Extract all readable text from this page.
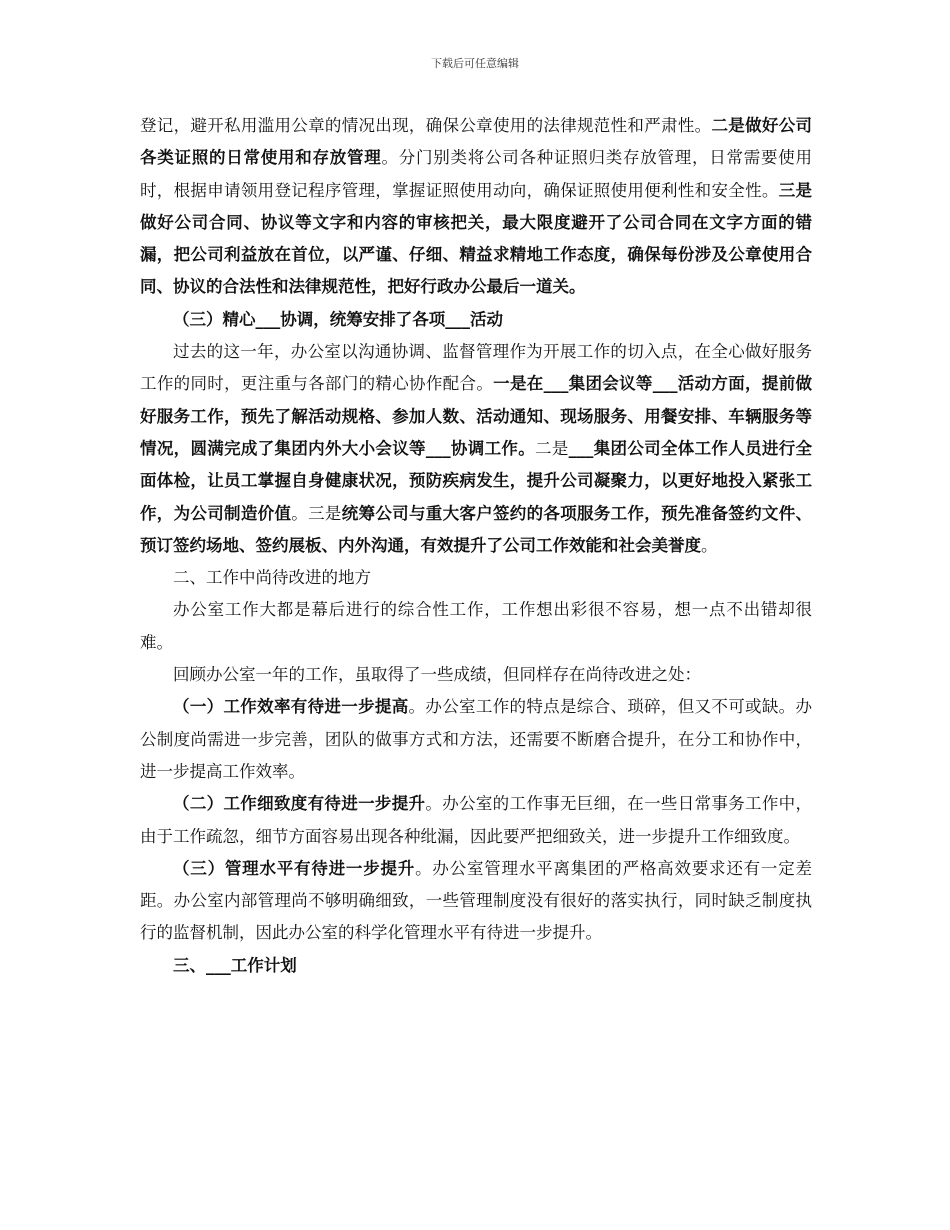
下载后可任意编辑

登记，避开私用滥用公章的情况出现，确保公章使用的法律规范性和严肃性。二是做好公司各类证照的日常使用和存放管理。分门别类将公司各种证照归类存放管理，日常需要使用时，根据申请领用登记程序管理，掌握证照使用动向，确保证照使用便利性和安全性。三是做好公司合同、协议等文字和内容的审核把关，最大限度避开了公司合同在文字方面的错漏，把公司利益放在首位，以严谨、仔细、精益求精地工作态度，确保每份涉及公章使用合同、协议的合法性和法律规范性，把好行政办公最后一道关。

（三）精心___协调，统筹安排了各项___活动

过去的这一年，办公室以沟通协调、监督管理作为开展工作的切入点，在全心做好服务工作的同时，更注重与各部门的精心协作配合。一是在___集团会议等___活动方面，提前做好服务工作，预先了解活动规格、参加人数、活动通知、现场服务、用餐安排、车辆服务等情况，圆满完成了集团内外大小会议等___协调工作。二是___集团公司全体工作人员进行全面体检，让员工掌握自身健康状况，预防疾病发生，提升公司凝聚力，以更好地投入紧张工作，为公司制造价值。三是统筹公司与重大客户签约的各项服务工作，预先准备签约文件、预订签约场地、签约展板、内外沟通，有效提升了公司工作效能和社会美誉度。

二、工作中尚待改进的地方

办公室工作大都是幕后进行的综合性工作，工作想出彩很不容易，想一点不出错却很难。

回顾办公室一年的工作，虽取得了一些成绩，但同样存在尚待改进之处：

（一）工作效率有待进一步提高。办公室工作的特点是综合、琐碎，但又不可或缺。办公制度尚需进一步完善，团队的做事方式和方法，还需要不断磨合提升，在分工和协作中，进一步提高工作效率。

（二）工作细致度有待进一步提升。办公室的工作事无巨细，在一些日常事务工作中，由于工作疏忽，细节方面容易出现各种纰漏，因此要严把细致关，进一步提升工作细致度。

（三）管理水平有待进一步提升。办公室管理水平离集团的严格高效要求还有一定差距。办公室内部管理尚不够明确细致，一些管理制度没有很好的落实执行，同时缺乏制度执行的监督机制，因此办公室的科学化管理水平有待进一步提升。

三、___工作计划
